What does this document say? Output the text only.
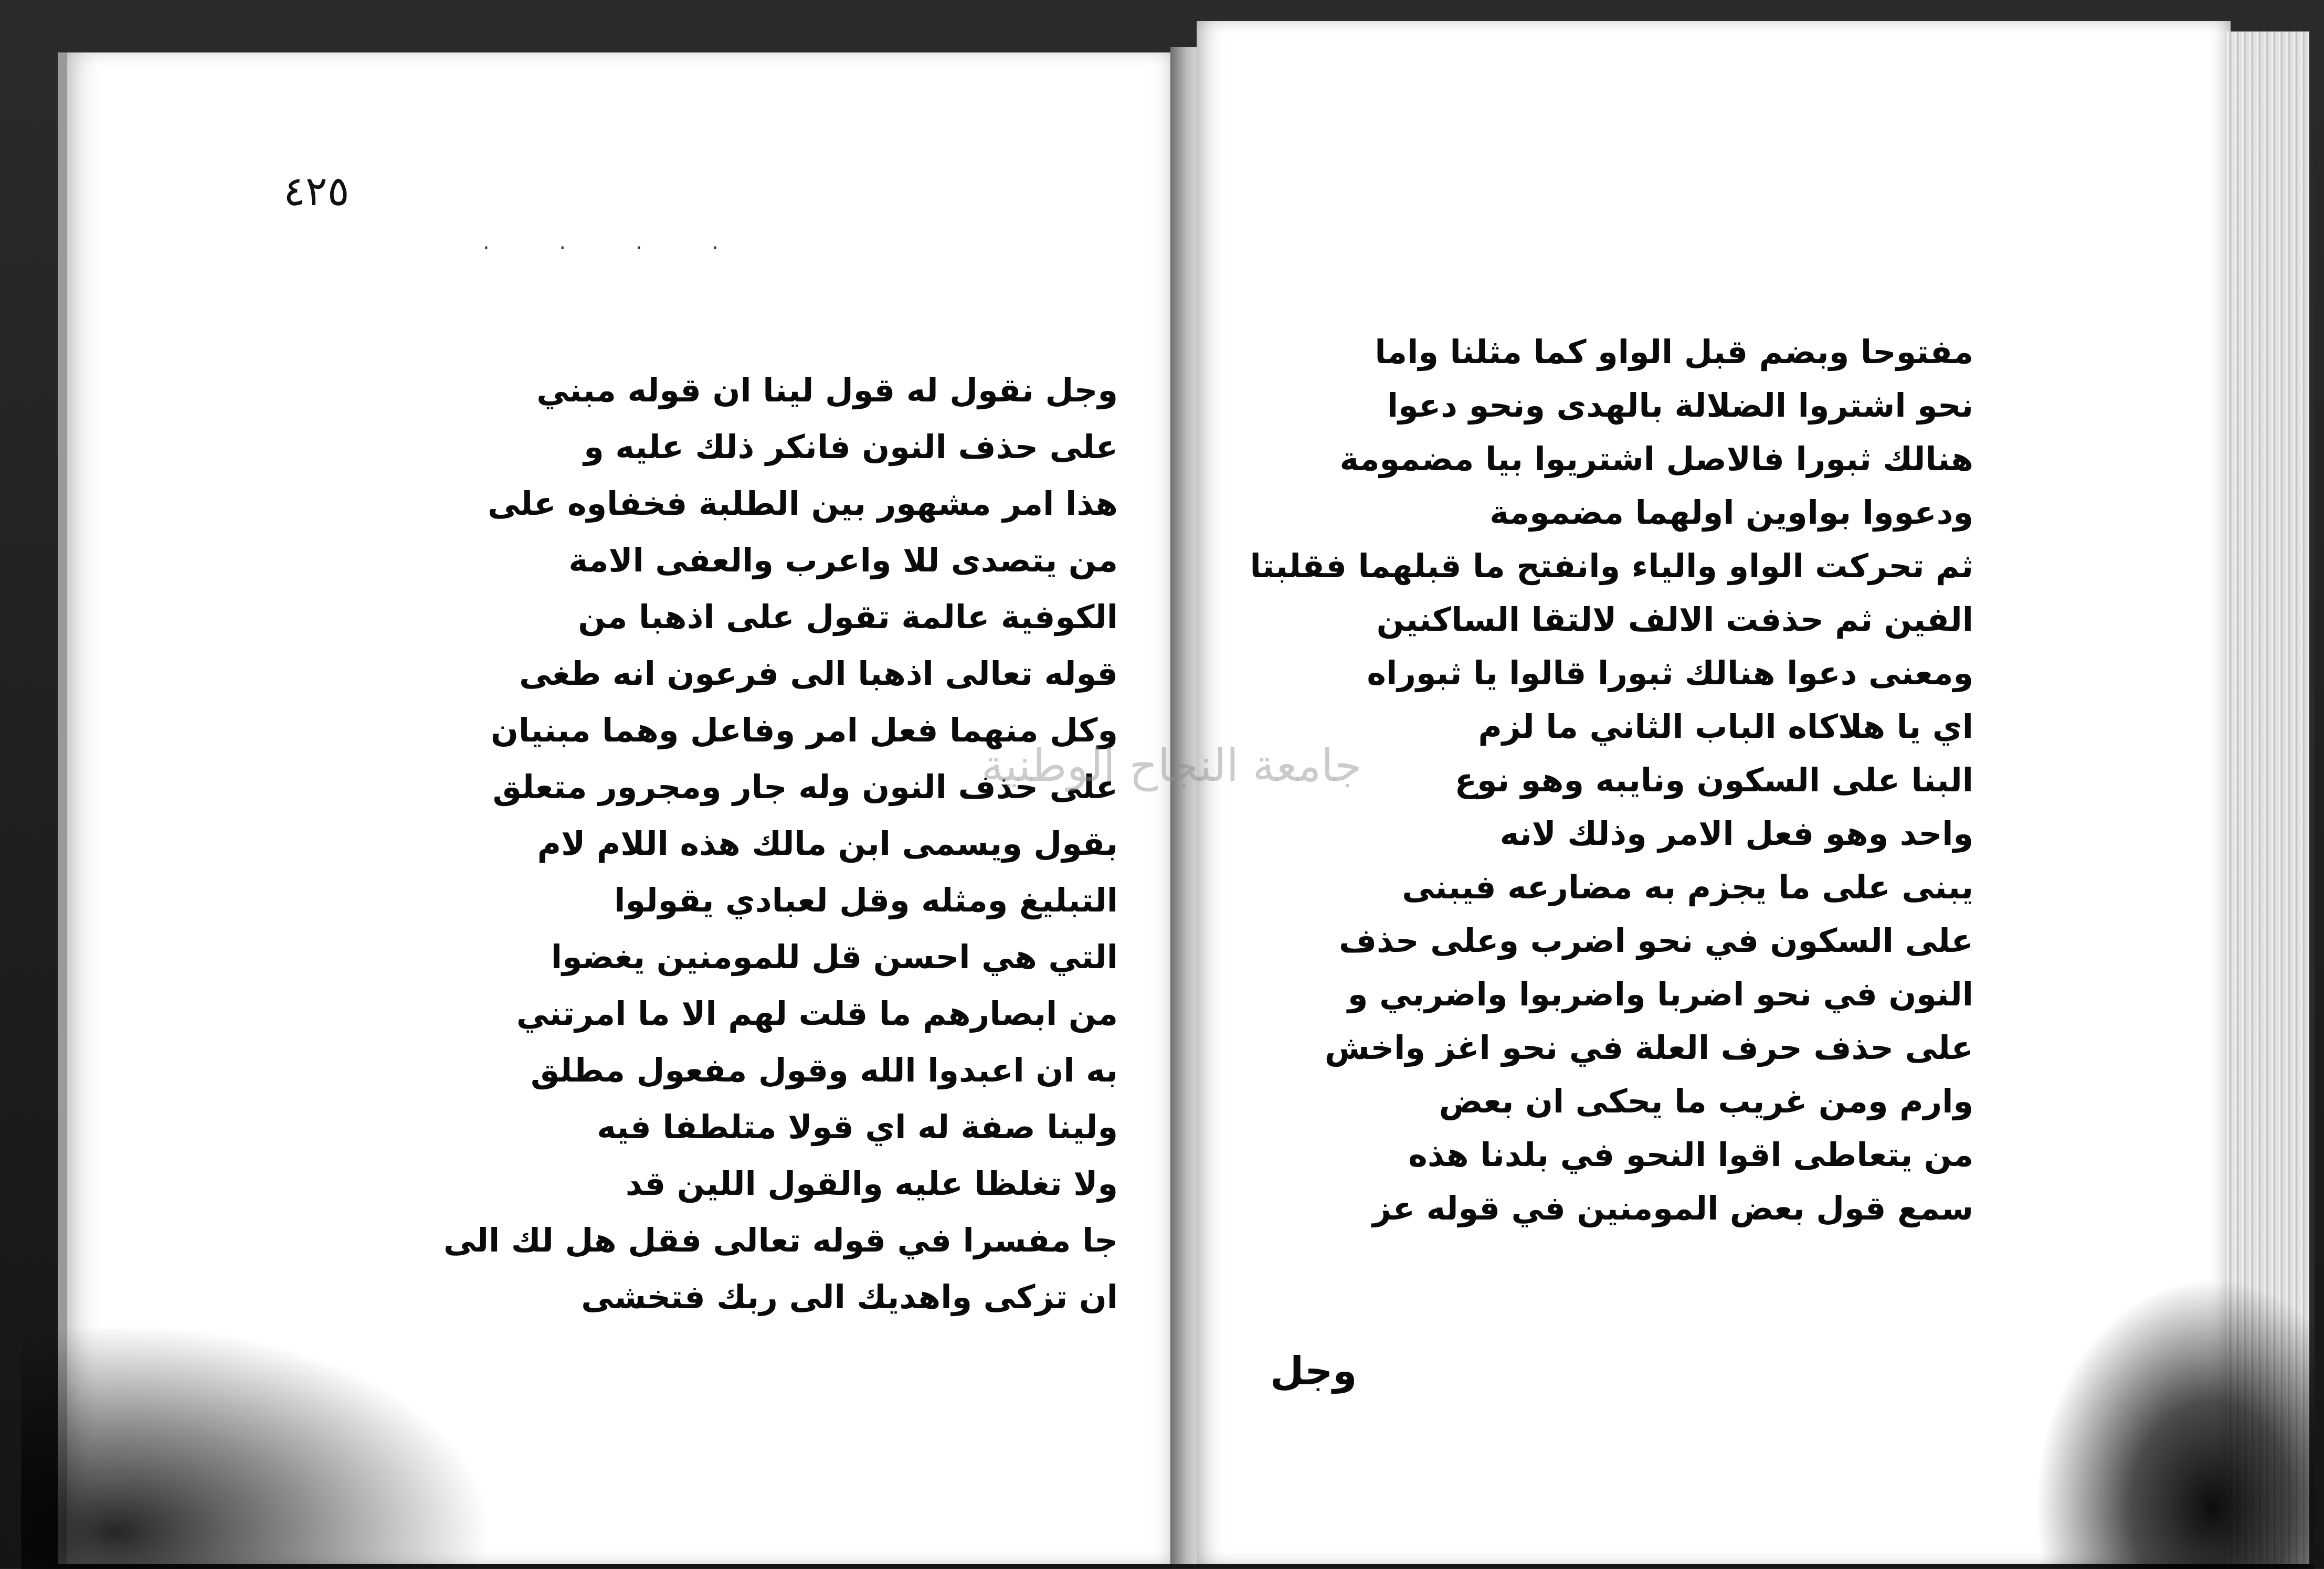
٤٢٥
· · · ·
وجل نقول له قول لينا ان قوله مبني
على حذف النون فانكر ذلك عليه و
هذا امر مشهور بين الطلبة فخفاوه على
من يتصدى للا واعرب والعفى الامة
الكوفية عالمة تقول على اذهبا من
قوله تعالى اذهبا الى فرعون انه طغى
وكل منهما فعل امر وفاعل وهما مبنيان
على حذف النون وله جار ومجرور متعلق
بقول ويسمى ابن مالك هذه اللام لام
التبليغ ومثله وقل لعبادي يقولوا
التي هي احسن قل للمومنين يغضوا
من ابصارهم ما قلت لهم الا ما امرتني
به ان اعبدوا الله وقول مفعول مطلق
ولينا صفة له اي قولا متلطفا فيه
ولا تغلظا عليه والقول اللين قد
جا مفسرا في قوله تعالى فقل هل لك الى
ان تزكى واهديك الى ربك فتخشى
مفتوحا وبضم قبل الواو كما مثلنا واما
نحو اشتروا الضلالة بالهدى ونحو دعوا
هنالك ثبورا فالاصل اشتريوا بيا مضمومة
ودعووا بواوين اولهما مضمومة
ثم تحركت الواو والياء وانفتح ما قبلهما فقلبتا
الفين ثم حذفت الالف لالتقا الساكنين
ومعنى دعوا هنالك ثبورا قالوا يا ثبوراه
اي يا هلاكاه الباب الثاني ما لزم
البنا على السكون ونايبه وهو نوع
واحد وهو فعل الامر وذلك لانه
يبنى على ما يجزم به مضارعه فيبنى
على السكون في نحو اضرب وعلى حذف
النون في نحو اضربا واضربوا واضربي و
على حذف حرف العلة في نحو اغز واخش
وارم ومن غريب ما يحكى ان بعض
من يتعاطى اقوا النحو في بلدنا هذه
سمع قول بعض المومنين في قوله عز
وجل
جامعة النجاح الوطنية
